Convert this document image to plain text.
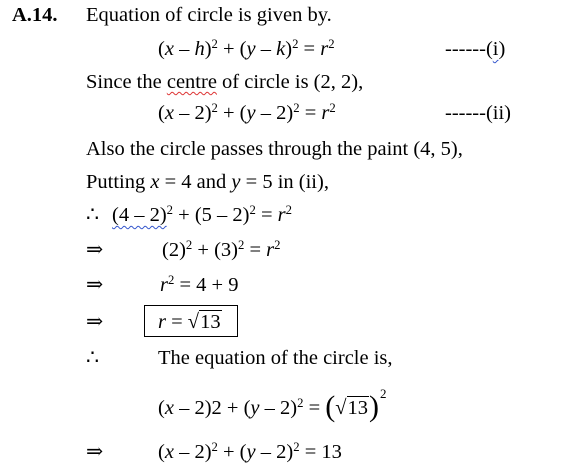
A.14. Equation of circle is given by.
$(x - h)^2 + (y - k)^2 = r^2$	------(i)
Since the centre of circle is (2, 2),
$(x - 2)^2 + (y - 2)^2 = r^2$	------(ii)
Also the circle passes through the paint (4, 5),
Putting x = 4 and y = 5 in (ii),
∴ $(4 - 2)^2 + (5 - 2)^2 = r^2$
⇒	$(2)^2 + (3)^2 = r^2$
⇒	$r^2 = 4 + 9$
⇒	r = √13
∴	The equation of the circle is,
$(x - 2)2 + (y - 2)^2 = (√13)^2$
⇒	(x – 2)$^2$ + (y – 2)$^2$ = 13
